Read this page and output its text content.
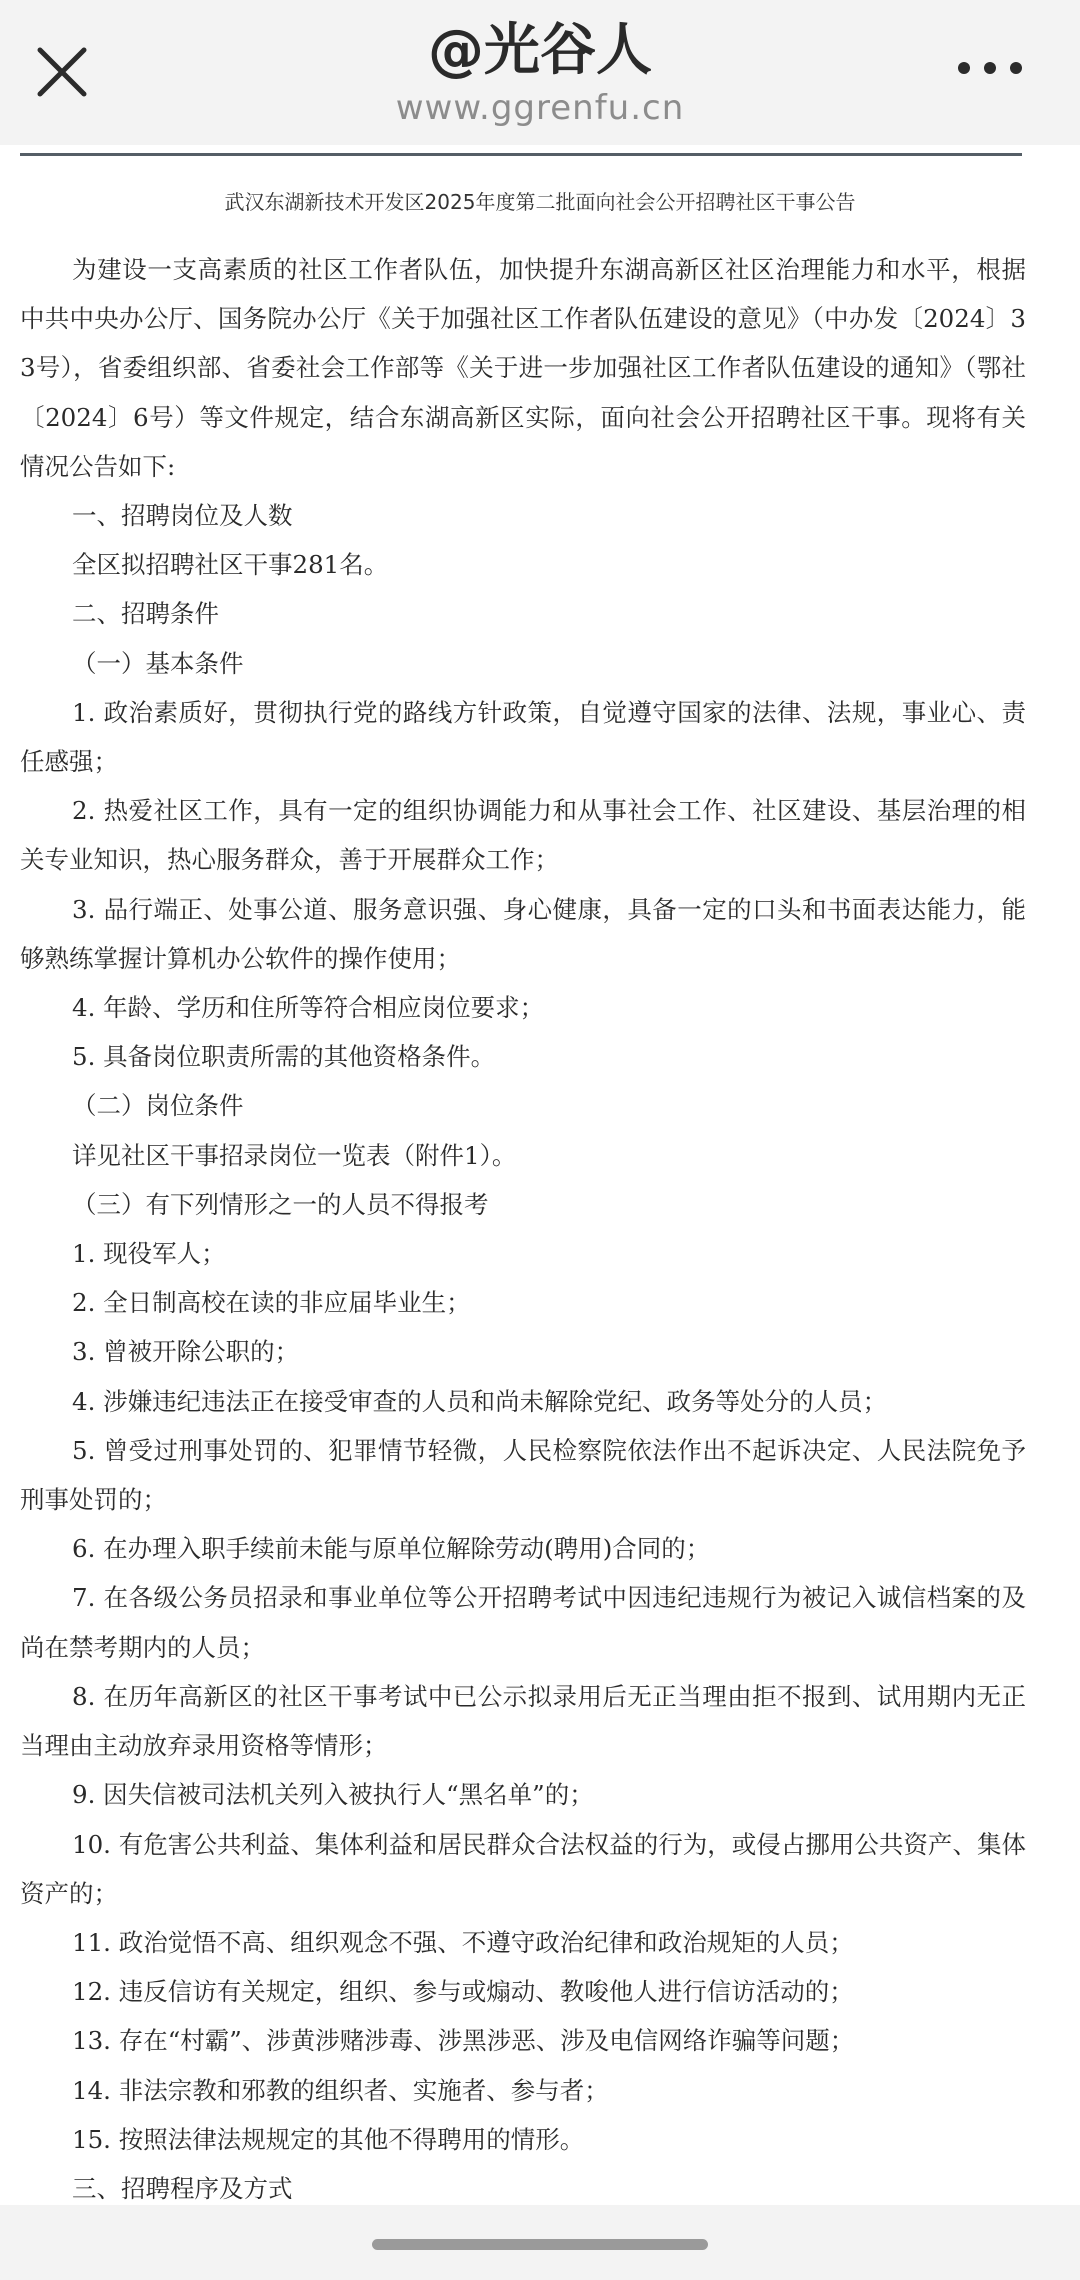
@光谷人
www.ggrenfu.cn
武汉东湖新技术开发区2025年度第二批面向社会公开招聘社区干事公告

为建设一支高素质的社区工作者队伍，加快提升东湖高新区社区治理能力和水平，根据中共中央办公厅、国务院办公厅《关于加强社区工作者队伍建设的意见》（中办发〔2024〕33号），省委组织部、省委社会工作部等《关于进一步加强社区工作者队伍建设的通知》（鄂社〔2024〕6号）等文件规定，结合东湖高新区实际，面向社会公开招聘社区干事。现将有关情况公告如下:

一、招聘岗位及人数

全区拟招聘社区干事281名。

二、招聘条件

（一）基本条件

1. 政治素质好，贯彻执行党的路线方针政策，自觉遵守国家的法律、法规，事业心、责任感强；

2. 热爱社区工作，具有一定的组织协调能力和从事社会工作、社区建设、基层治理的相关专业知识，热心服务群众，善于开展群众工作；

3. 品行端正、处事公道、服务意识强、身心健康，具备一定的口头和书面表达能力，能够熟练掌握计算机办公软件的操作使用；

4. 年龄、学历和住所等符合相应岗位要求；

5. 具备岗位职责所需的其他资格条件。

（二）岗位条件

详见社区干事招录岗位一览表（附件1）。

（三）有下列情形之一的人员不得报考

1. 现役军人；

2. 全日制高校在读的非应届毕业生；

3. 曾被开除公职的；

4. 涉嫌违纪违法正在接受审查的人员和尚未解除党纪、政务等处分的人员；

5. 曾受过刑事处罚的、犯罪情节轻微，人民检察院依法作出不起诉决定、人民法院免予刑事处罚的；

6. 在办理入职手续前未能与原单位解除劳动(聘用)合同的；

7. 在各级公务员招录和事业单位等公开招聘考试中因违纪违规行为被记入诚信档案的及尚在禁考期内的人员；

8. 在历年高新区的社区干事考试中已公示拟录用后无正当理由拒不报到、试用期内无正当理由主动放弃录用资格等情形；

9. 因失信被司法机关列入被执行人“黑名单”的；

10. 有危害公共利益、集体利益和居民群众合法权益的行为，或侵占挪用公共资产、集体资产的；

11. 政治觉悟不高、组织观念不强、不遵守政治纪律和政治规矩的人员；

12. 违反信访有关规定，组织、参与或煽动、教唆他人进行信访活动的；

13. 存在“村霸”、涉黄涉赌涉毒、涉黑涉恶、涉及电信网络诈骗等问题；

14. 非法宗教和邪教的组织者、实施者、参与者；

15. 按照法律法规规定的其他不得聘用的情形。

三、招聘程序及方式
